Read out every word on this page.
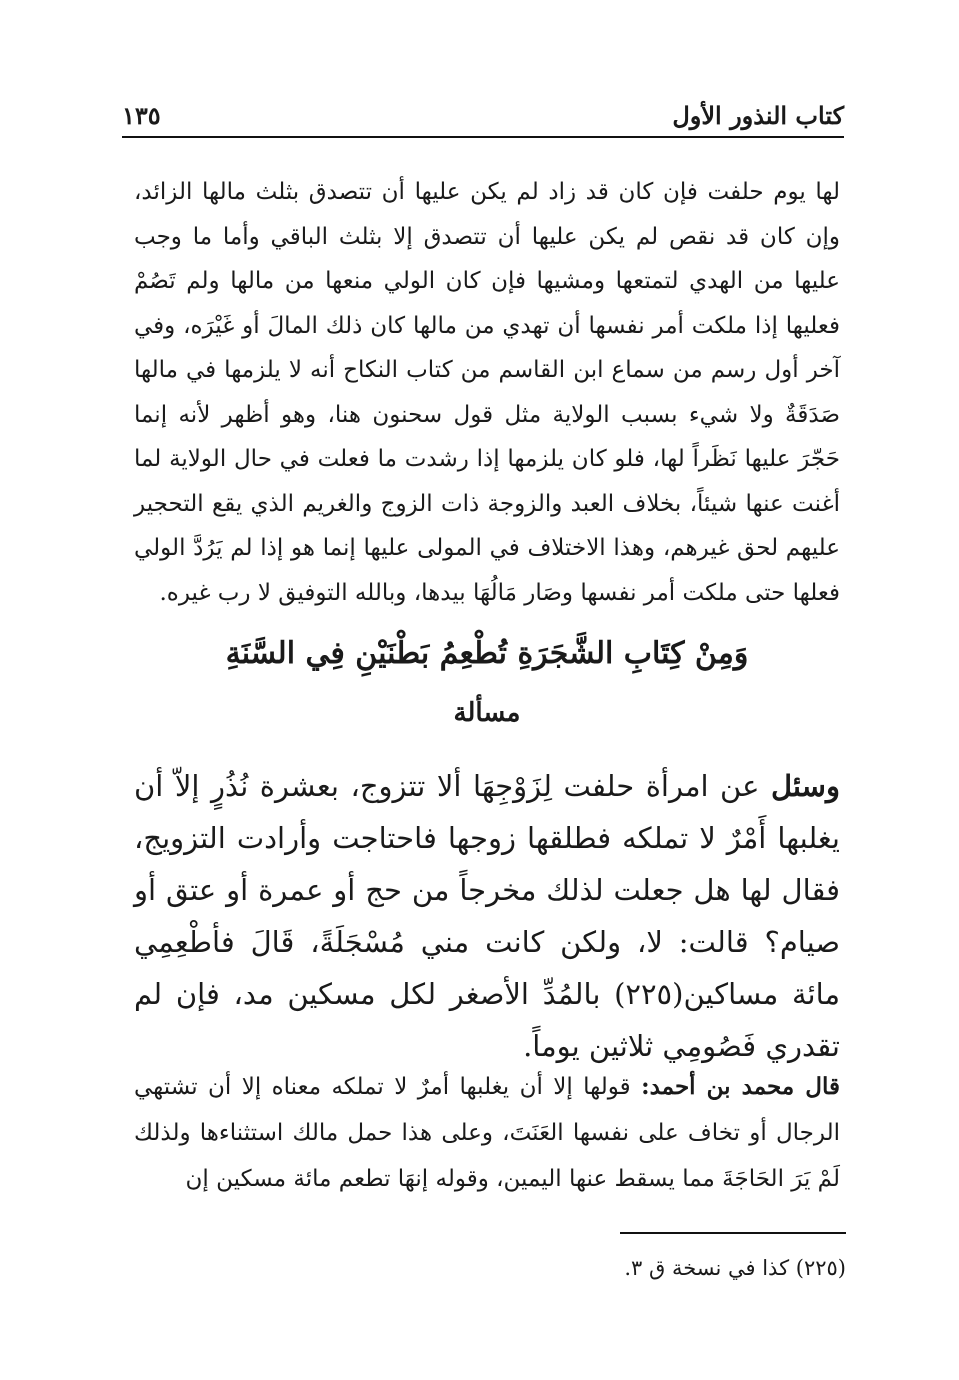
١٣٥	كتاب النذور الأول

لها يوم حلفت فإن كان قد زاد لم يكن عليها أن تتصدق بثلث مالها الزائد، وإن كان قد نقص لم يكن عليها أن تتصدق إلا بثلث الباقي وأما ما وجب عليها من الهدي لتمتعها ومشيها فإن كان الولي منعها من مالها ولم تَصُمْ فعليها إذا ملكت أمر نفسها أن تهدي من مالها كان ذلك المالَ أو غَيْرَه، وفي آخر أول رسم من سماع ابن القاسم من كتاب النكاح أنه لا يلزمها في مالها صَدَقَةٌ ولا شيء بسبب الولاية مثل قول سحنون هنا، وهو أظهر لأنه إنما حَجّرَ عليها نَظَراً لها، فلو كان يلزمها إذا رشدت ما فعلت في حال الولاية لما أغنت عنها شيئاً، بخلاف العبد والزوجة ذات الزوج والغريم الذي يقع التحجير عليهم لحق غيرهم، وهذا الاختلاف في المولى عليها إنما هو إذا لم يَرُدَّ الولي فعلها حتى ملكت أمر نفسها وصَار مَالُهَا بيدها، وبالله التوفيق لا رب غيره.

وَمِنْ كِتَابِ الشَّجَرَةِ تُطْعِمُ بَطْنَيْنِ فِي السَّنَةِ
مسألة

وسئل عن امرأة حلفت لِزَوْجِهَا ألا تتزوج، بعشرة نُذُرٍ إلاّ أن يغلبها أَمْرٌ لا تملكه فطلقها زوجها فاحتاجت وأرادت التزويج، فقال لها هل جعلت لذلك مخرجاً من حج أو عمرة أو عتق أو صيام؟ قالت: لا، ولكن كانت مني مُسْجَلَةً، قَالَ فأطْعِمِي مائة مساكين(٢٢٥) بالمُدِّ الأصغر لكل مسكين مد، فإن لم تقدري فَصُومِي ثلاثين يوماً.

قال محمد بن أحمد: قولها إلا أن يغلبها أمرٌ لا تملكه معناه إلا أن تشتهي الرجال أو تخاف على نفسها العَنَتَ، وعلى هذا حمل مالك استثناءها ولذلك لَمْ يَرَ الحَاجَةَ مما يسقط عنها اليمين، وقوله إنهَا تطعم مائة مسكين إن

(٢٢٥) كذا في نسخة ق ٣.
